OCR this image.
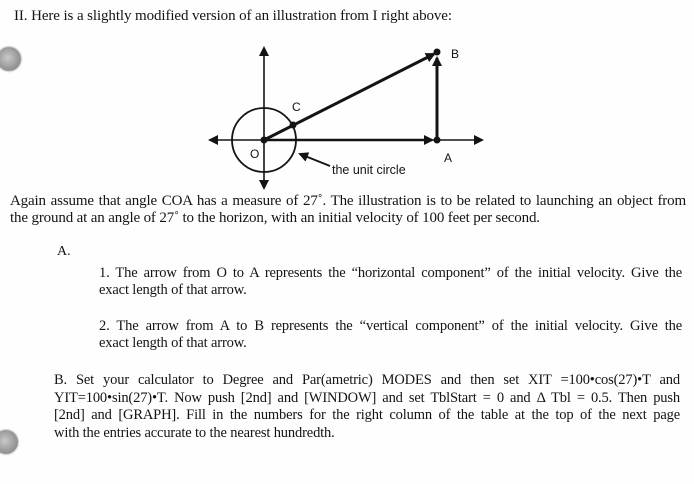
II. Here is a slightly modified version of an illustration from I right above:
B
C
O	A
the unit circle
Again assume that angle COA has a measure of 27˚. The illustration is to be related to launching an object from
the ground at an angle of 27˚ to the horizon, with an initial velocity of 100 feet per second.
A.
1. The arrow from O to A represents the “horizontal component” of the initial velocity. Give the
exact length of that arrow.
2. The arrow from A to B represents the “vertical component” of the initial velocity. Give the
exact length of that arrow.
B. Set your calculator to Degree and Par(ametric) MODES and then set XIT =100•cos(27)•T and
YIT=100•sin(27)•T. Now push [2nd] and [WINDOW] and set TblStart = 0 and Δ Tbl = 0.5. Then push
[2nd] and [GRAPH]. Fill in the numbers for the right column of the table at the top of the next page
with the entries accurate to the nearest hundredth.
